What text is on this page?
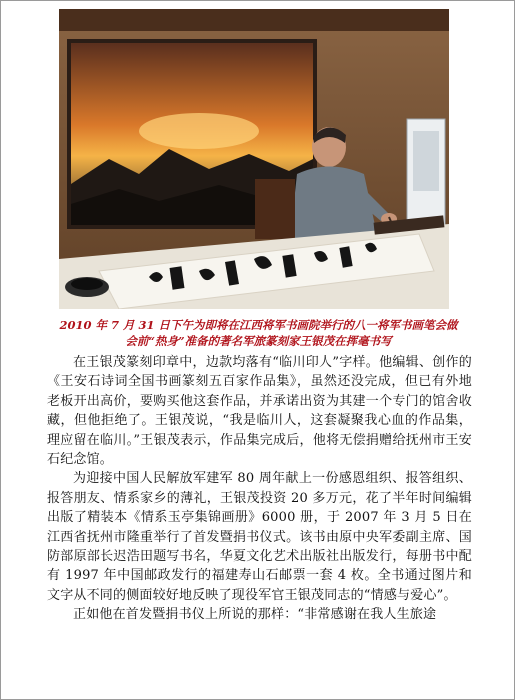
2010 年 7 月 31 日下午为即将在江西将军书画院举行的八一将军书画笔会做
会前“热身”准备的著名军旅篆刻家王银茂在挥毫书写

在王银茂篆刻印章中，边款均落有“临川印人”字样。他编辑、创作的《王安石诗词全国书画篆刻五百家作品集》，虽然还没完成，但已有外地老板开出高价，要购买他这套作品，并承诺出资为其建一个专门的馆舍收藏，但他拒绝了。王银茂说，“我是临川人，这套凝聚我心血的作品集，理应留在临川。”王银茂表示，作品集完成后，他将无偿捐赠给抚州市王安石纪念馆。

为迎接中国人民解放军建军 80 周年献上一份感恩组织、报答组织、报答朋友、情系家乡的薄礼，王银茂投资 20 多万元，花了半年时间编辑出版了精装本《情系玉亭集锦画册》6000 册，于 2007 年 3 月 5 日在江西省抚州市隆重举行了首发暨捐书仪式。该书由原中央军委副主席、国防部原部长迟浩田题写书名，华夏文化艺术出版社出版发行，每册书中配有 1997 年中国邮政发行的福建寿山石邮票一套 4 枚。全书通过图片和文字从不同的侧面较好地反映了现役军官王银茂同志的“情感与爱心”。

正如他在首发暨捐书仪上所说的那样：“非常感谢在我人生旅途
